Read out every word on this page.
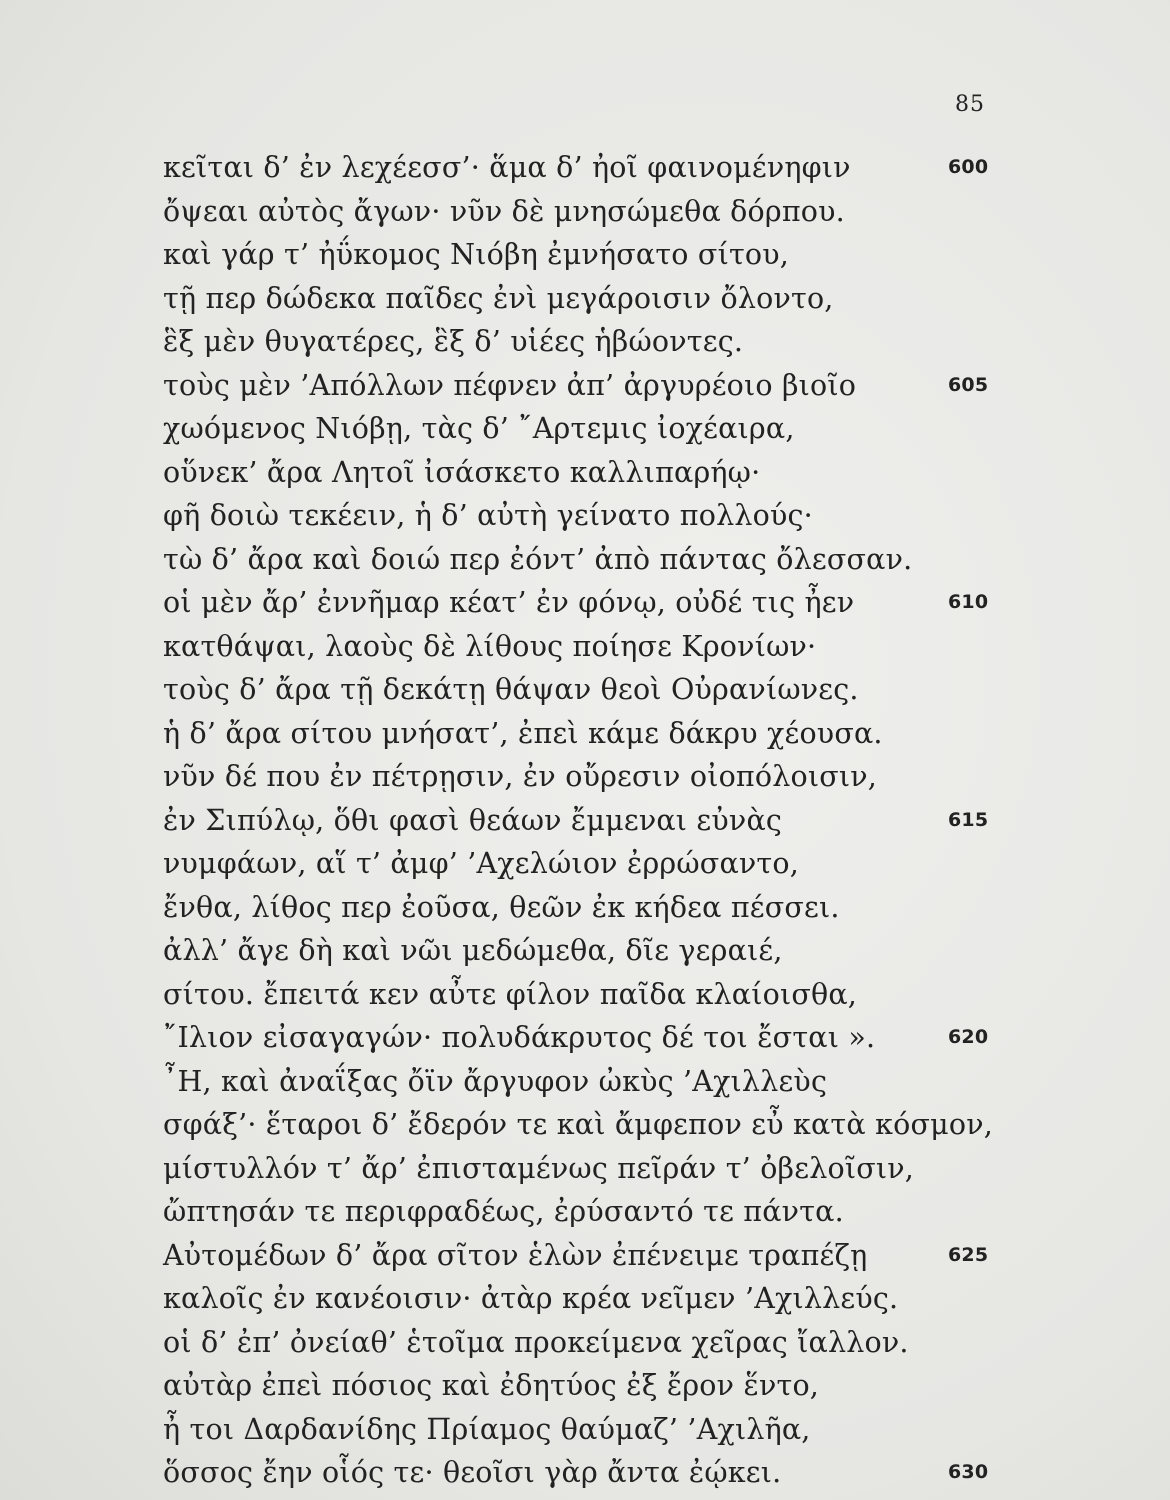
85
κεῖται δ’ ἐν λεχέεσσ’· ἅμα δ’ ἠοῖ φαινομένηφιν	600
ὄψεαι αὐτὸς ἄγων· νῦν δὲ μνησώμεθα δόρπου.
καὶ γάρ τ’ ἠΰκομος Νιόβη ἐμνήσατο σίτου,
τῇ περ δώδεκα παῖδες ἐνὶ μεγάροισιν ὄλοντο,
ἓξ μὲν θυγατέρες, ἓξ δ’ υἱέες ἡβώοντες.
τοὺς μὲν ’Απόλλων πέφνεν ἀπ’ ἀργυρέοιο βιοῖο	605
χωόμενος Νιόβῃ, τὰς δ’ ῎Αρτεμις ἰοχέαιρα,
οὕνεκ’ ἄρα Λητοῖ ἰσάσκετο καλλιπαρήῳ·
φῆ δοιὼ τεκέειν, ἡ δ’ αὐτὴ γείνατο πολλούς·
τὼ δ’ ἄρα καὶ δοιώ περ ἐόντ’ ἀπὸ πάντας ὄλεσσαν.
οἱ μὲν ἄρ’ ἐννῆμαρ κέατ’ ἐν φόνῳ, οὐδέ τις ἦεν	610
κατθάψαι, λαοὺς δὲ λίθους ποίησε Κρονίων·
τοὺς δ’ ἄρα τῇ δεκάτῃ θάψαν θεοὶ Οὐρανίωνες.
ἡ δ’ ἄρα σίτου μνήσατ’, ἐπεὶ κάμε δάκρυ χέουσα.
νῦν δέ που ἐν πέτρῃσιν, ἐν οὔρεσιν οἰοπόλοισιν,
ἐν Σιπύλῳ, ὅθι φασὶ θεάων ἔμμεναι εὐνὰς	615
νυμφάων, αἵ τ’ ἀμφ’ ’Αχελώιον ἐρρώσαντο,
ἔνθα, λίθος περ ἐοῦσα, θεῶν ἐκ κήδεα πέσσει.
ἀλλ’ ἄγε δὴ καὶ νῶι μεδώμεθα, δῖε γεραιέ,
σίτου. ἔπειτά κεν αὖτε φίλον παῖδα κλαίοισθα,
῎Ιλιον εἰσαγαγών· πολυδάκρυτος δέ τοι ἔσται ».	620
῏Η, καὶ ἀναΐξας ὄϊν ἄργυφον ὠκὺς ’Αχιλλεὺς
σφάξ’· ἕταροι δ’ ἔδερόν τε καὶ ἄμφεπον εὖ κατὰ κόσμον,
μίστυλλόν τ’ ἄρ’ ἐπισταμένως πεῖράν τ’ ὀβελοῖσιν,
ὤπτησάν τε περιφραδέως, ἐρύσαντό τε πάντα.
Αὐτομέδων δ’ ἄρα σῖτον ἑλὼν ἐπένειμε τραπέζῃ	625
καλοῖς ἐν κανέοισιν· ἀτὰρ κρέα νεῖμεν ’Αχιλλεύς.
οἱ δ’ ἐπ’ ὀνείαθ’ ἑτοῖμα προκείμενα χεῖρας ἴαλλον.
αὐτὰρ ἐπεὶ πόσιος καὶ ἐδητύος ἐξ ἔρον ἕντο,
ἦ τοι Δαρδανίδης Πρίαμος θαύμαζ’ ’Αχιλῆα,
ὅσσος ἔην οἷός τε· θεοῖσι γὰρ ἄντα ἐῴκει.	630
